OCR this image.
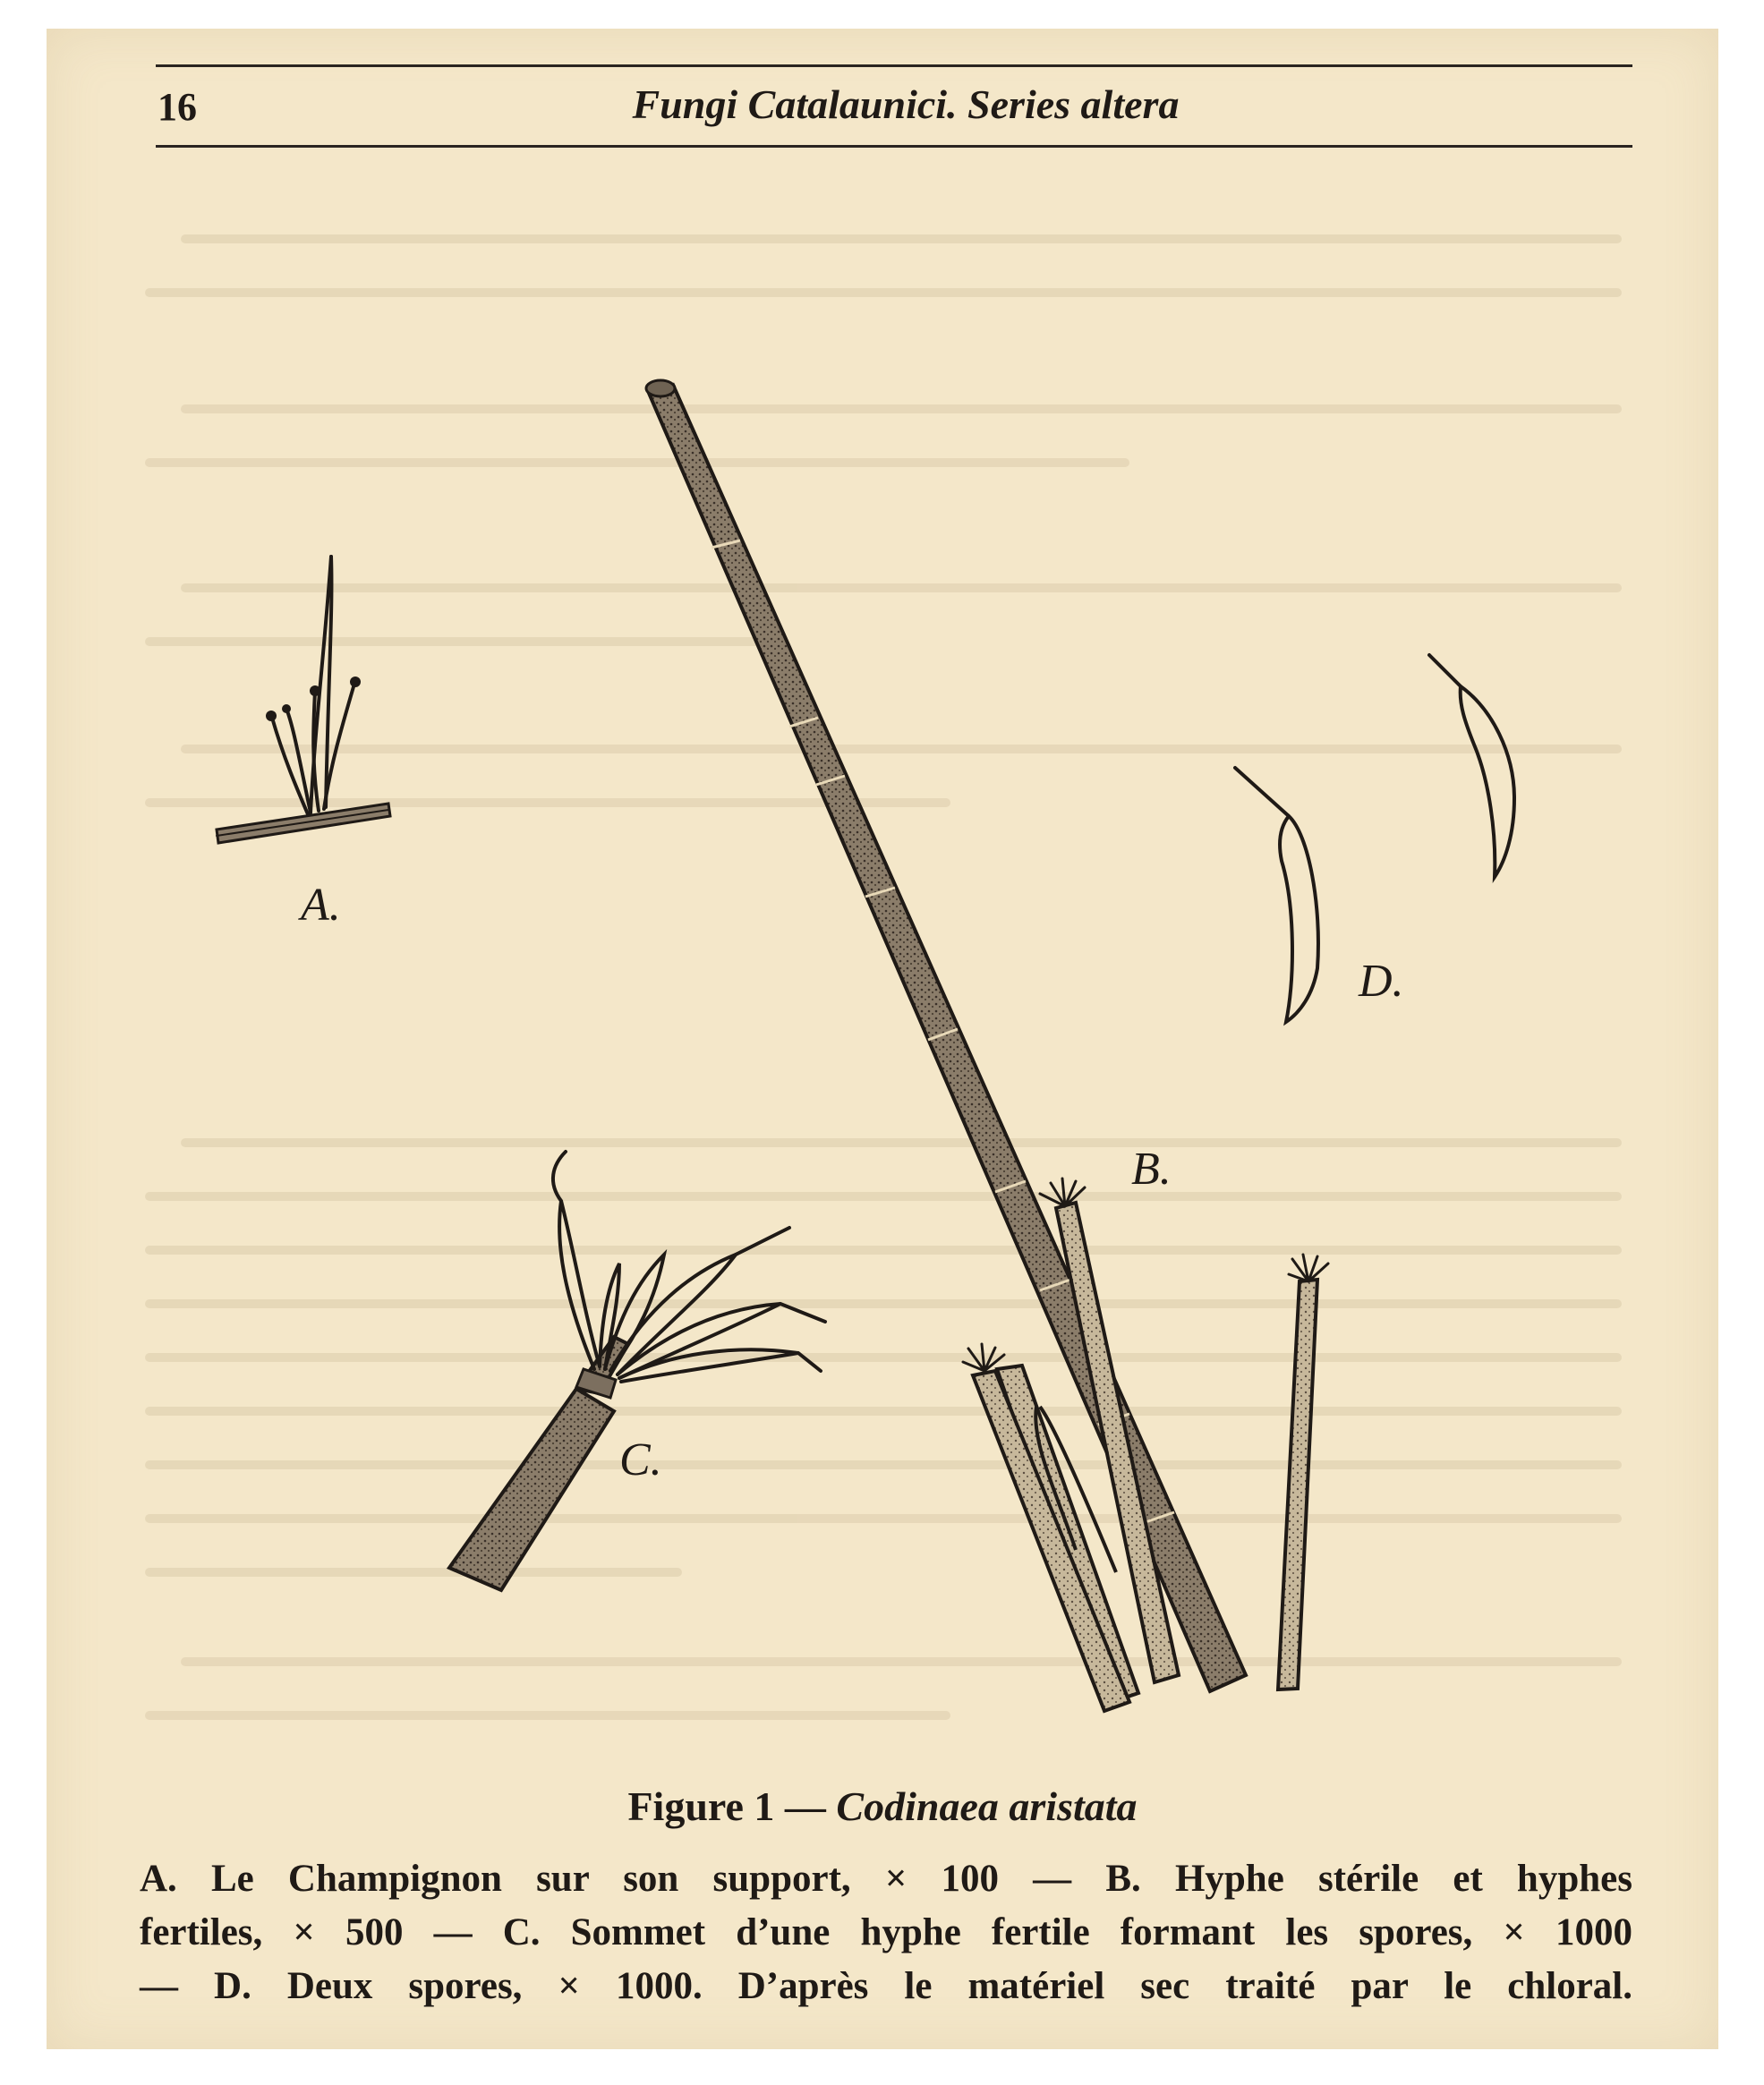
16	Fungi Catalaunici. Series altera
A.
B.
C.
D.
Figure 1 — Codinaea aristata
A. Le Champignon sur son support, × 100 — B. Hyphe stérile et hyphes
fertiles, × 500 — C. Sommet d’une hyphe fertile formant les spores, × 1000
— D. Deux spores, × 1000. D’après le matériel sec traité par le chloral.
